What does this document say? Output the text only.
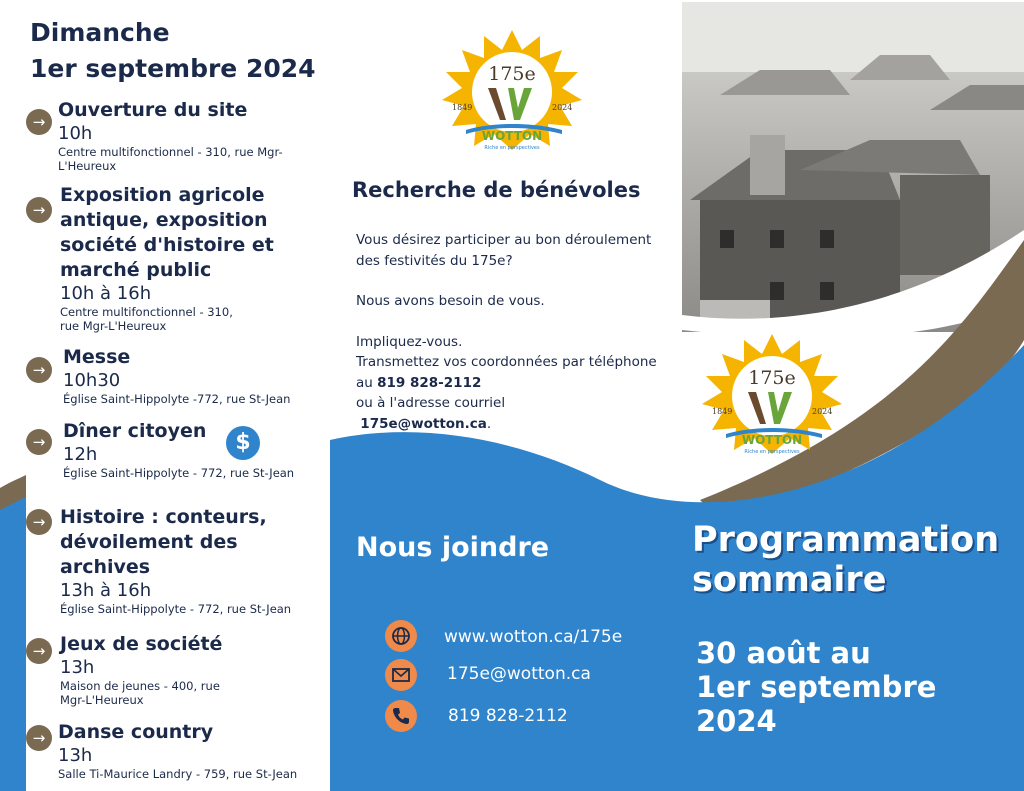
Dimanche
1er septembre 2024
→
Ouverture du site
10h
Centre multifonctionnel - 310, rue Mgr-L'Heureux
→
Exposition agricole antique, exposition société d'histoire et marché public
10h à 16h
Centre multifonctionnel - 310, rue Mgr-L'Heureux
→
Messe
10h30
Église Saint-Hippolyte -772, rue St-Jean
→ Dîner citoyen
12h
Église Saint-Hippolyte - 772, rue St-Jean
$
→ Histoire : conteurs, dévoilement des archives
13h à 16h
Église Saint-Hippolyte - 772, rue St-Jean
→ Jeux de société
13h
Maison de jeunes - 400, rue Mgr-L'Heureux
→ Danse country
13h
Salle Ti-Maurice Landry - 759, rue St-Jean
175e
1849	2024
WOTTON
Riche en perspectives
175e
1849	2024
WOTTON
Riche en perspectives
Recherche de bénévoles

Vous désirez participer au bon déroulement des festivités du 175e?

Nous avons besoin de vous.

Impliquez-vous.

Transmettez vos coordonnées par téléphone au 819 828-2112

ou à l'adresse courriel

175e@wotton.ca.

Nous joindre
www.wotton.ca/175e
175e@wotton.ca
819 828-2112
Programmation
sommaire
30 août au
1er septembre
2024
